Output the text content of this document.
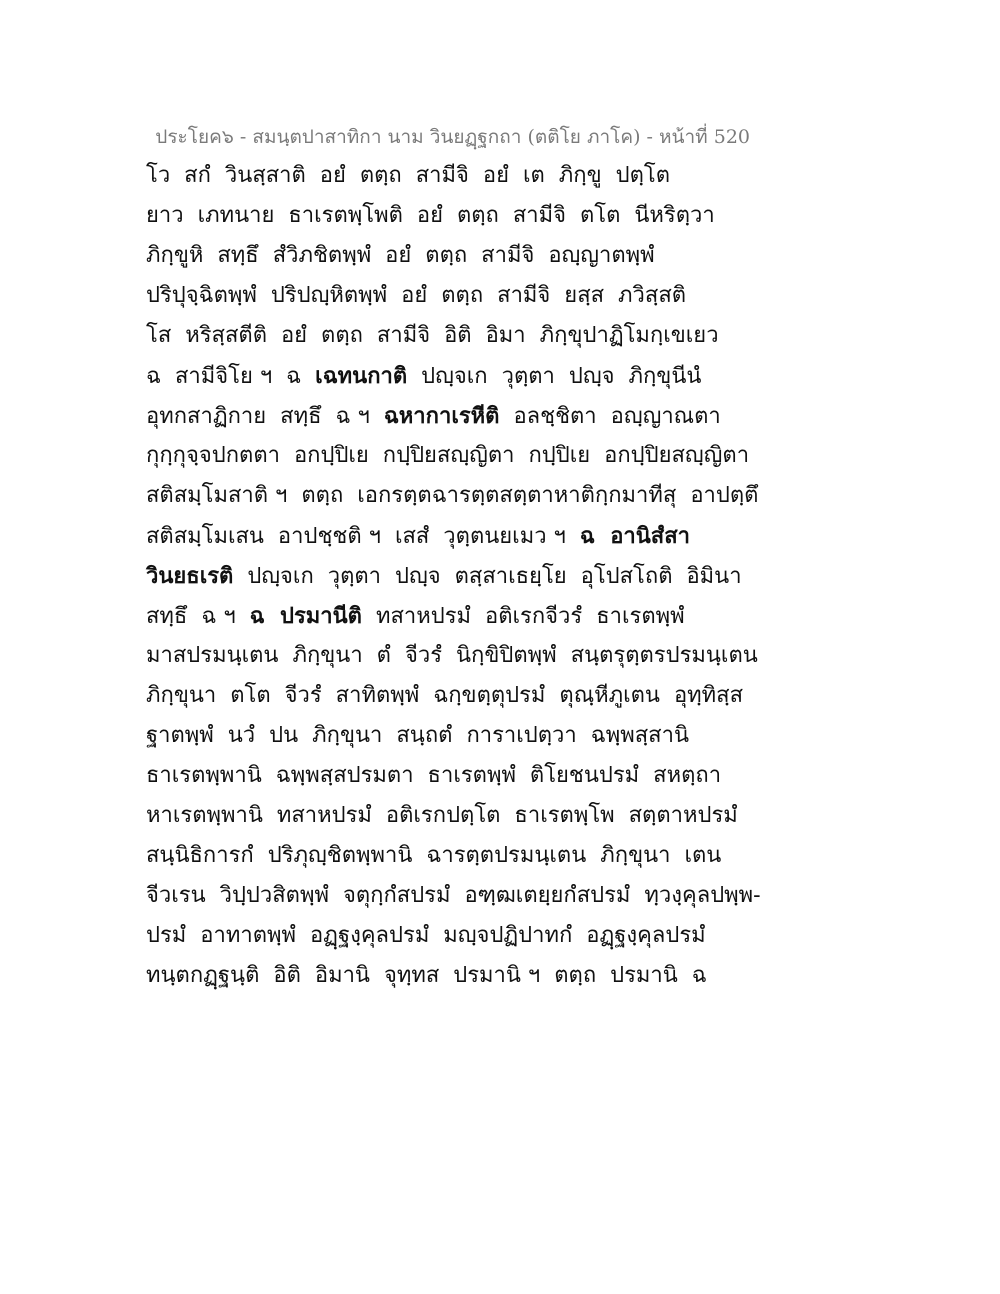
ประโยค๖ - สมนฺตปาสาทิกา นาม วินยฏฺฐกถา (ตติโย ภาโค) - หน้าที่ 520
โว  สกํ  วินสฺสาติ  อยํ  ตตฺถ  สามีจิ  อยํ  เต  ภิกฺขู  ปตฺโต
ยาว  เภทนาย  ธาเรตพฺโพติ  อยํ  ตตฺถ  สามีจิ  ตโต  นีหริตฺวา
ภิกฺขูหิ  สทฺธึ  สํวิภชิตพฺพํ  อยํ  ตตฺถ  สามีจิ  อญฺญาตพฺพํ
ปริปุจฺฉิตพฺพํ  ปริปญฺหิตพฺพํ  อยํ  ตตฺถ  สามีจิ  ยสฺส  ภวิสฺสติ
โส  หริสฺสตีติ  อยํ  ตตฺถ  สามีจิ  อิติ  อิมา  ภิกฺขุปาฏิโมกฺเขเยว
ฉ  สามีจิโย ฯ  ฉ  เฉทนกาติ  ปญฺจเก  วุตฺตา  ปญฺจ  ภิกฺขุนีนํ
อุทกสาฏิกาย  สทฺธึ  ฉ ฯ  ฉหากาเรหีติ  อลชฺชิตา  อญฺญาณตา
กุกฺกุจฺจปกตตา  อกปฺปิเย  กปฺปิยสญฺญิตา  กปฺปิเย  อกปฺปิยสญฺญิตา
สติสมฺโมสาติ ฯ  ตตฺถ  เอกรตฺตฉารตฺตสตฺตาหาติกฺกมาทีสุ  อาปตฺตึ
สติสมฺโมเสน  อาปชฺชติ ฯ  เสสํ  วุตฺตนยเมว ฯ  ฉ  อานิสํสา
วินยธเรติ  ปญฺจเก  วุตฺตา  ปญฺจ  ตสฺสาเธยฺโย  อุโปสโถติ  อิมินา
สทฺธึ  ฉ ฯ  ฉ  ปรมานีติ  ทสาหปรมํ  อติเรกจีวรํ  ธาเรตพฺพํ
มาสปรมนฺเตน  ภิกฺขุนา  ตํ  จีวรํ  นิกฺขิปิตพฺพํ  สนฺตรุตฺตรปรมนฺเตน
ภิกฺขุนา  ตโต  จีวรํ  สาทิตพฺพํ  ฉกฺขตฺตุปรมํ  ตุณฺหีภูเตน  อุทฺทิสฺส
ฐาตพฺพํ  นวํ  ปน  ภิกฺขุนา  สนฺถตํ  การาเปตฺวา  ฉพฺพสฺสานิ
ธาเรตพฺพานิ  ฉพฺพสฺสปรมตา  ธาเรตพฺพํ  ติโยชนปรมํ  สหตฺถา
หาเรตพฺพานิ  ทสาหปรมํ  อติเรกปตฺโต  ธาเรตพฺโพ  สตฺตาหปรมํ
สนฺนิธิการกํ  ปริภุญฺชิตพฺพานิ  ฉารตฺตปรมนฺเตน  ภิกฺขุนา  เตน
จีวเรน  วิปฺปวสิตพฺพํ  จตุกฺกํสปรมํ  อฑฺฒเตยฺยกํสปรมํ  ทฺวงฺคุลปพฺพ-
ปรมํ  อาทาตพฺพํ  อฏฺฐงฺคุลปรมํ  มญฺจปฏิปาทกํ  อฏฺฐงฺคุลปรมํ
ทนฺตกฏฺฐนฺติ  อิติ  อิมานิ  จุทฺทส  ปรมานิ ฯ  ตตฺถ  ปรมานิ  ฉ
